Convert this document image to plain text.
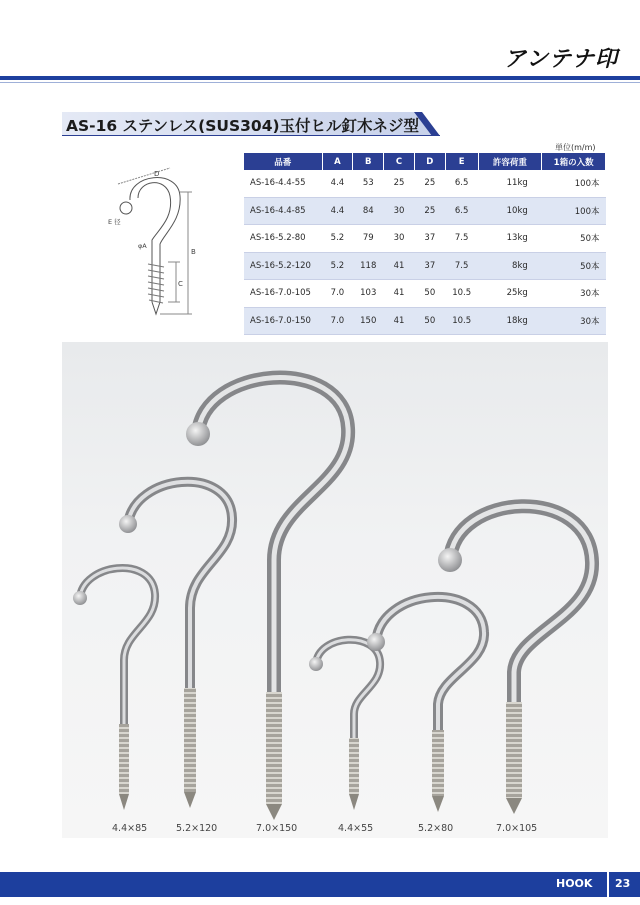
アンテナ印
AS-16 ステンレス(SUS304)玉付ヒル釘木ネジ型
単位(m/m)
D
E 径
φA
B
C
品番	A	B	C	D	E	許容荷重	1箱の入数
AS-16-4.4-55	4.4	53	25	25	6.5	11kg	100本
AS-16-4.4-85	4.4	84	30	25	6.5	10kg	100本
AS-16-5.2-80	5.2	79	30	37	7.5	13kg	50本
AS-16-5.2-120	5.2	118	41	37	7.5	8kg	50本
AS-16-7.0-105	7.0	103	41	50	10.5	25kg	30本
AS-16-7.0-150	7.0	150	41	50	10.5	18kg	30本
4.4×85	5.2×120	7.0×150	4.4×55	5.2×80	7.0×105
HOOK 23
